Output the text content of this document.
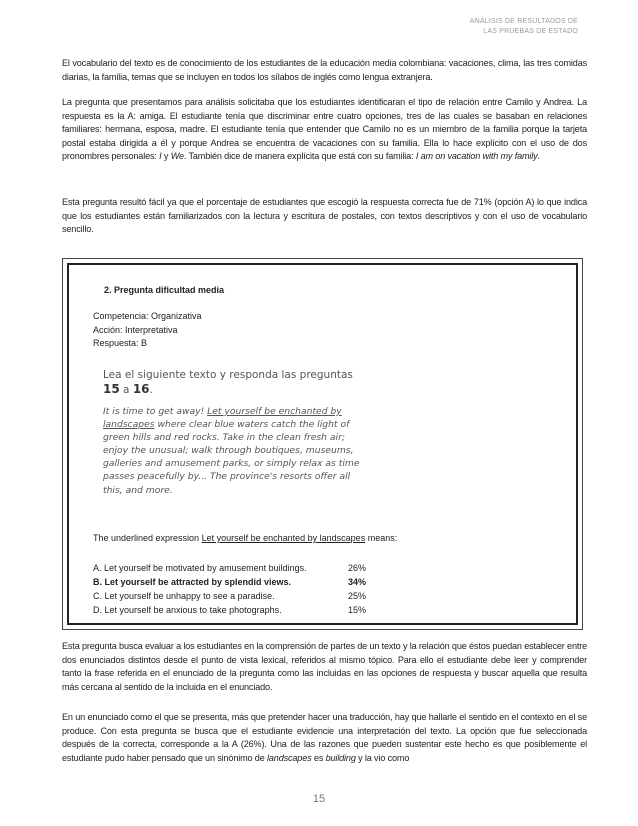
ANÁLISIS DE RESULTADOS DE
LAS PRUEBAS DE ESTADO

El vocabulario del texto es de conocimiento de los estudiantes de la educación media colombiana: vacaciones, clima, las tres comidas diarias, la familia, temas que se incluyen en todos los sílabos de inglés como lengua extranjera.

La pregunta que presentamos para análisis solicitaba que los estudiantes identificaran el tipo de relación entre Camilo y Andrea. La respuesta es la A: amiga. El estudiante tenía que discriminar entre cuatro opciones, tres de las cuales se basaban en relaciones familiares: hermana, esposa, madre. El estudiante tenía que entender que Camilo no es un miembro de la familia porque la tarjeta postal estaba dirigida a él y porque Andrea se encuentra de vacaciones con su familia. Ella lo hace explícito con el uso de dos pronombres personales: I y We. También dice de manera explícita que está con su familia: I am on vacation with my family.

Esta pregunta resultó fácil ya que el porcentaje de estudiantes que escogió la respuesta correcta fue de 71% (opción A) lo que indica que los estudiantes están familiarizados con la lectura y escritura de postales, con textos descriptivos y con el uso de vocabulario sencillo.

2. Pregunta dificultad media
Competencia: Organizativa
Acción: Interpretativa
Respuesta: B
Lea el siguiente texto y responda las preguntas
15 a 16.
It is time to get away! Let yourself be enchanted by landscapes where clear blue waters catch the light of green hills and red rocks. Take in the clean fresh air; enjoy the unusual; walk through boutiques, museums, galleries and amusement parks, or simply relax as time passes peacefully by... The province's resorts offer all this, and more.
The underlined expression Let yourself be enchanted by landscapes means:
A. Let yourself be motivated by amusement buildings.	26%
B. Let yourself be attracted by splendid views.	34%
C. Let yourself be unhappy to see a paradise.	25%
D. Let yourself be anxious to take photographs.	15%

Esta pregunta busca evaluar a los estudiantes en la comprensión de partes de un texto y la relación que éstos puedan establecer entre dos enunciados distintos desde el punto de vista lexical, referidos al mismo tópico. Para ello el estudiante debe leer y comprender tanto la frase referida en el enunciado de la pregunta como las incluidas en las opciones de respuesta y buscar aquella que resulta más cercana al sentido de la incluida en el enunciado.

En un enunciado como el que se presenta, más que pretender hacer una traducción, hay que hallarle el sentido en el contexto en el se produce. Con esta pregunta se busca que el estudiante evidencie una interpretación del texto. La opción que fue seleccionada después de la correcta, corresponde a la A (26%). Una de las razones que pueden sustentar este hecho es que posiblemente el estudiante pudo haber pensado que un sinónimo de landscapes es building y la vio como

15
